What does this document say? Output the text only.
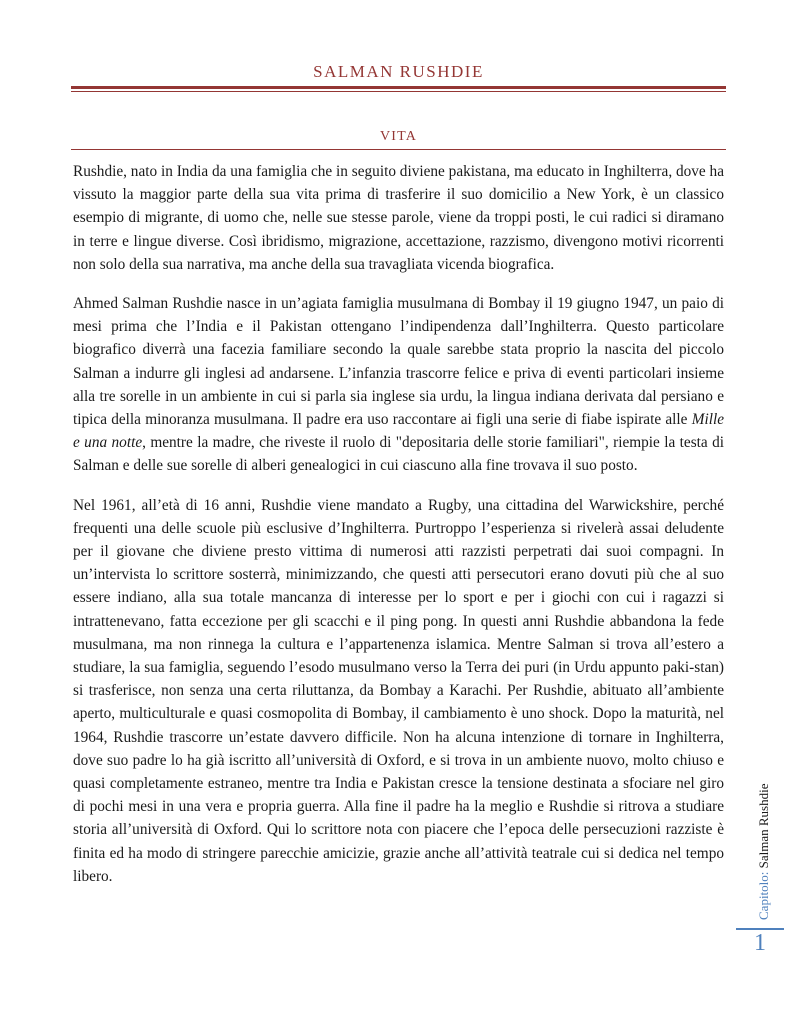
SALMAN RUSHDIE
VITA

Rushdie, nato in India da una famiglia che in seguito diviene pakistana, ma educato in Inghilterra, dove ha vissuto la maggior parte della sua vita prima di trasferire il suo domicilio a New York, è un classico esempio di migrante, di uomo che, nelle sue stesse parole, viene da troppi posti, le cui radici si diramano in terre e lingue diverse. Così ibridismo, migrazione, accettazione, razzismo, divengono motivi ricorrenti non solo della sua narrativa, ma anche della sua travagliata vicenda biografica.

Ahmed Salman Rushdie nasce in un’agiata famiglia musulmana di Bombay il 19 giugno 1947, un paio di mesi prima che l’India e il Pakistan ottengano l’indipendenza dall’Inghilterra. Questo particolare biografico diverrà una facezia familiare secondo la quale sarebbe stata proprio la nascita del piccolo Salman a indurre gli inglesi ad andarsene. L’infanzia trascorre felice e priva di eventi particolari insieme alla tre sorelle in un ambiente in cui si parla sia inglese sia urdu, la lingua indiana derivata dal persiano e tipica della minoranza musulmana. Il padre era uso raccontare ai figli una serie di fiabe ispirate alle Mille e una notte, mentre la madre, che riveste il ruolo di "depositaria delle storie familiari", riempie la testa di Salman e delle sue sorelle di alberi genealogici in cui ciascuno alla fine trovava il suo posto.

Nel 1961, all’età di 16 anni, Rushdie viene mandato a Rugby, una cittadina del Warwickshire, perché frequenti una delle scuole più esclusive d’Inghilterra. Purtroppo l’esperienza si rivelerà assai deludente per il giovane che diviene presto vittima di numerosi atti razzisti perpetrati dai suoi compagni. In un’intervista lo scrittore sosterrà, minimizzando, che questi atti persecutori erano dovuti più che al suo essere indiano, alla sua totale mancanza di interesse per lo sport e per i giochi con cui i ragazzi si intrattenevano, fatta eccezione per gli scacchi e il ping pong. In questi anni Rushdie abbandona la fede musulmana, ma non rinnega la cultura e l’appartenenza islamica. Mentre Salman si trova all’estero a studiare, la sua famiglia, seguendo l’esodo musulmano verso la Terra dei puri (in Urdu appunto paki-stan) si trasferisce, non senza una certa riluttanza, da Bombay a Karachi. Per Rushdie, abituato all’ambiente aperto, multiculturale e quasi cosmopolita di Bombay, il cambiamento è uno shock. Dopo la maturità, nel 1964, Rushdie trascorre un’estate davvero difficile. Non ha alcuna intenzione di tornare in Inghilterra, dove suo padre lo ha già iscritto all’università di Oxford, e si trova in un ambiente nuovo, molto chiuso e quasi completamente estraneo, mentre tra India e Pakistan cresce la tensione destinata a sfociare nel giro di pochi mesi in una vera e propria guerra. Alla fine il padre ha la meglio e Rushdie si ritrova a studiare storia all’università di Oxford. Qui lo scrittore nota con piacere che l’epoca delle persecuzioni razziste è finita ed ha modo di stringere parecchie amicizie, grazie anche all’attività teatrale cui si dedica nel tempo libero.	Capitolo: Salman Rushdie
1
